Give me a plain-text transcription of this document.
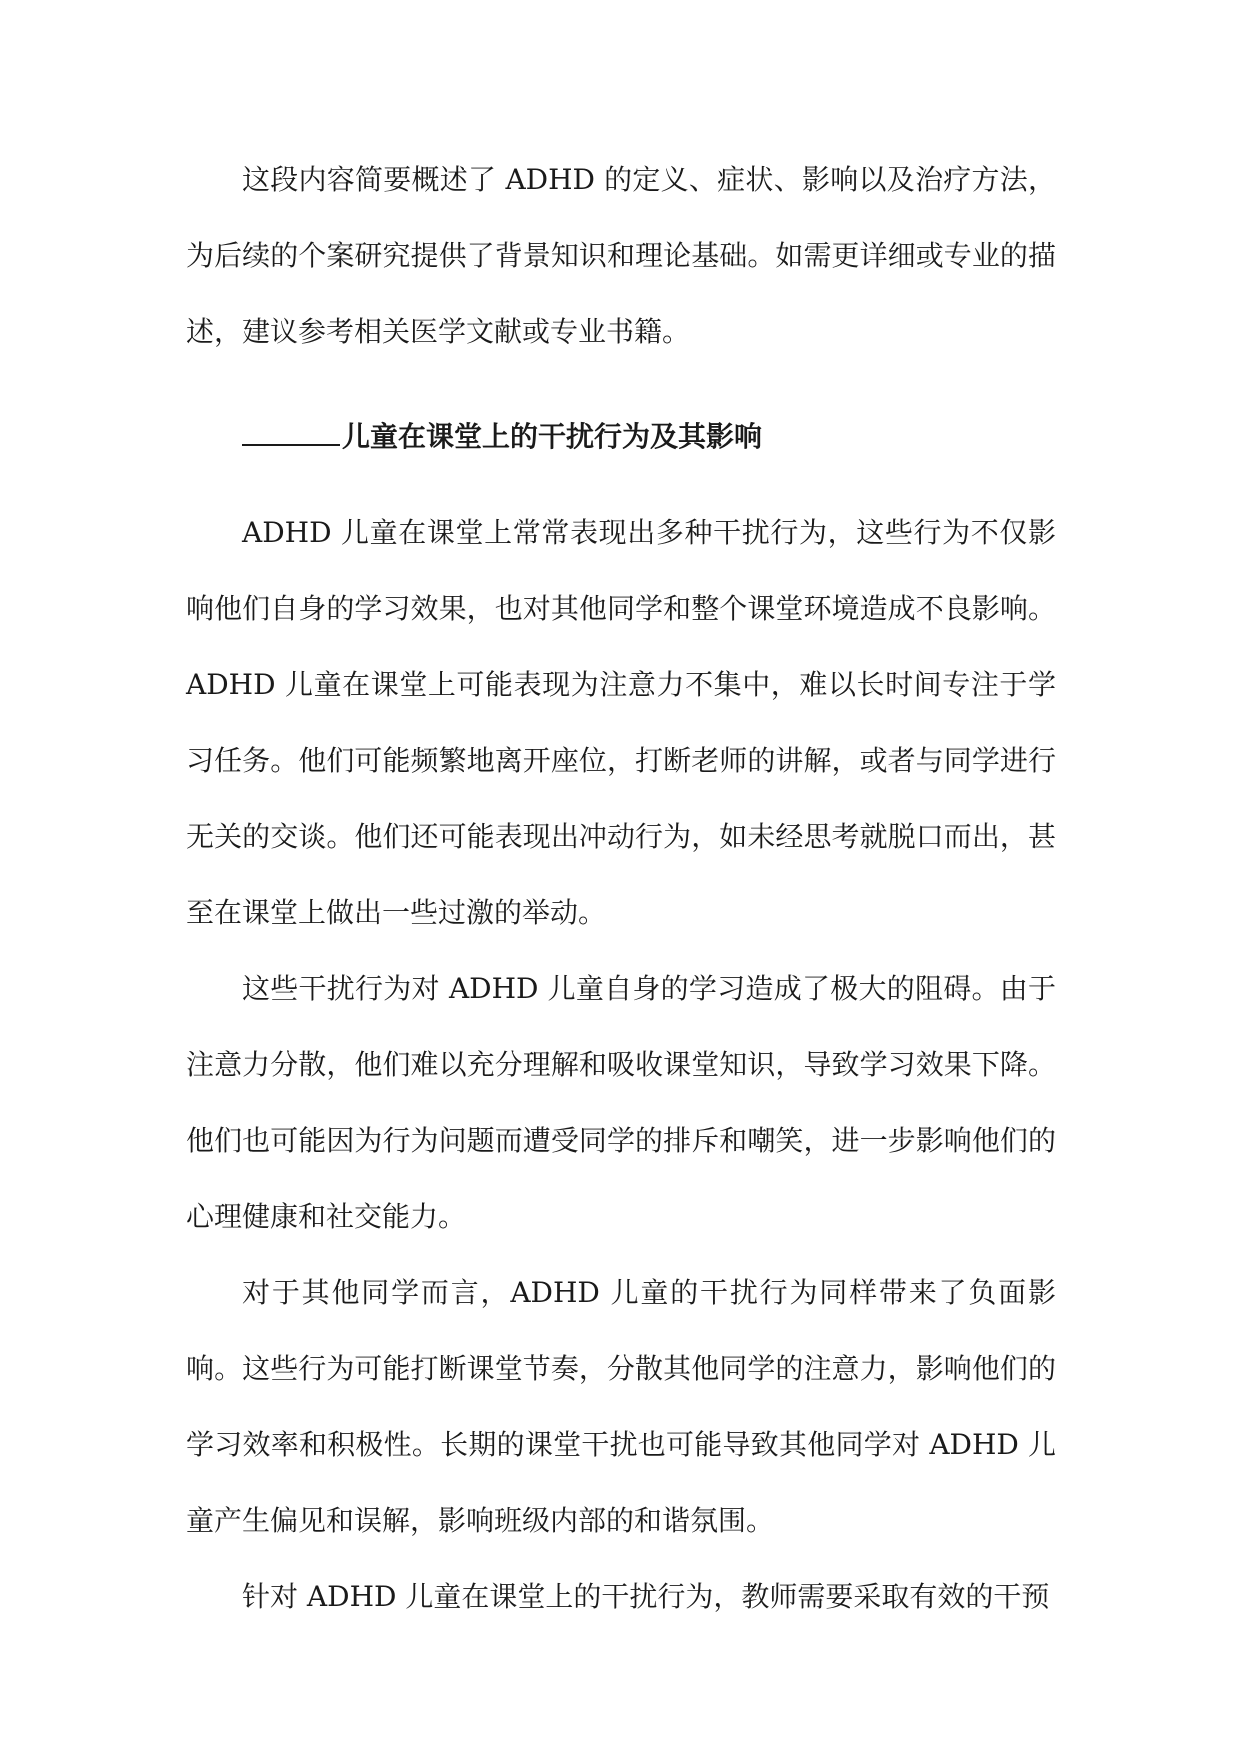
这段内容简要概述了 ADHD 的定义、症状、影响以及治疗方法，为后续的个案研究提供了背景知识和理论基础。如需更详细或专业的描述，建议参考相关医学文献或专业书籍。

儿童在课堂上的干扰行为及其影响

ADHD 儿童在课堂上常常表现出多种干扰行为，这些行为不仅影响他们自身的学习效果，也对其他同学和整个课堂环境造成不良影响。ADHD 儿童在课堂上可能表现为注意力不集中，难以长时间专注于学习任务。他们可能频繁地离开座位，打断老师的讲解，或者与同学进行无关的交谈。他们还可能表现出冲动行为，如未经思考就脱口而出，甚至在课堂上做出一些过激的举动。

这些干扰行为对 ADHD 儿童自身的学习造成了极大的阻碍。由于注意力分散，他们难以充分理解和吸收课堂知识，导致学习效果下降。他们也可能因为行为问题而遭受同学的排斥和嘲笑，进一步影响他们的心理健康和社交能力。

对于其他同学而言，ADHD 儿童的干扰行为同样带来了负面影响。这些行为可能打断课堂节奏，分散其他同学的注意力，影响他们的学习效率和积极性。长期的课堂干扰也可能导致其他同学对 ADHD 儿童产生偏见和误解，影响班级内部的和谐氛围。

针对 ADHD 儿童在课堂上的干扰行为，教师需要采取有效的干预
